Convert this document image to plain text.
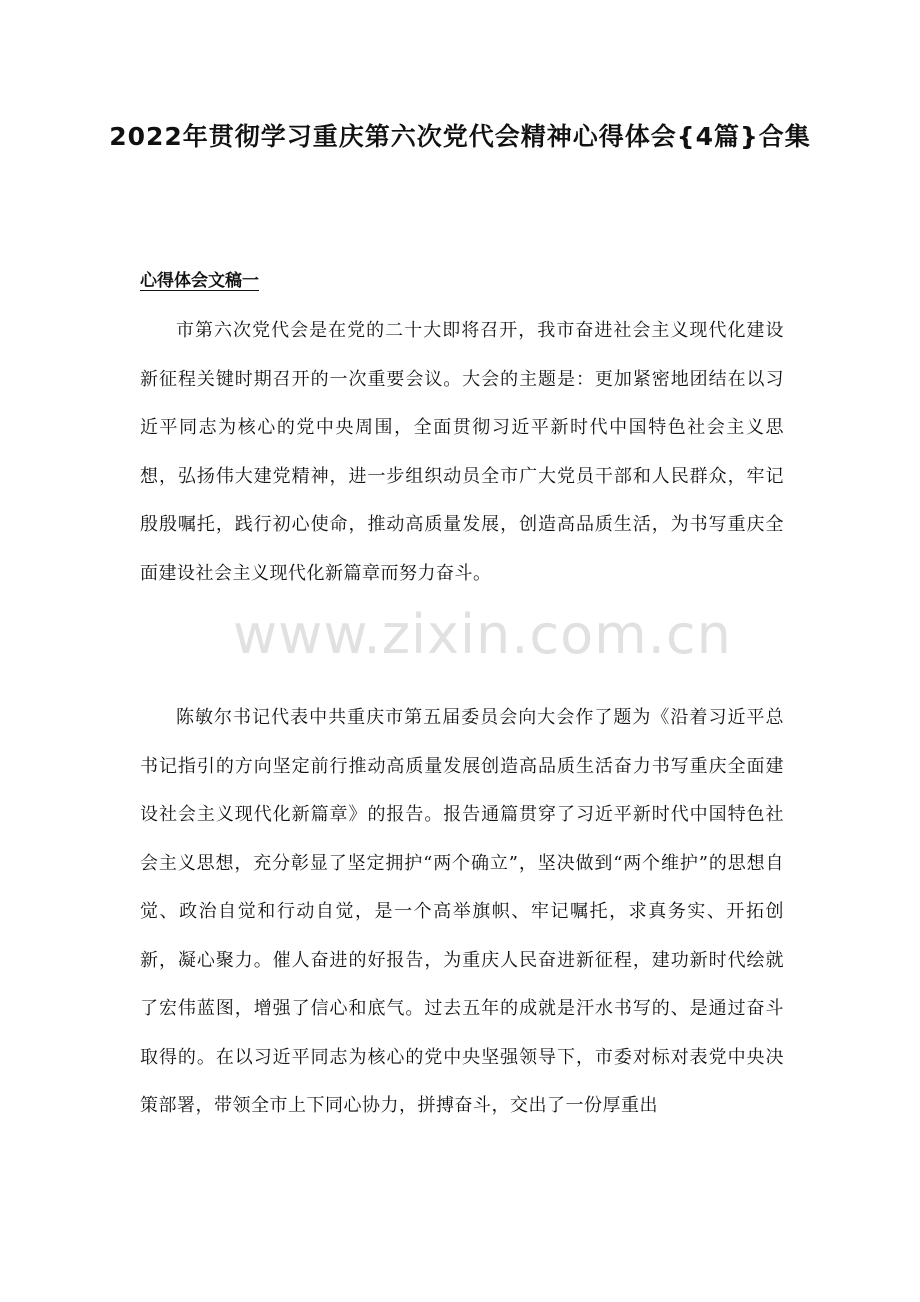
2022年贯彻学习重庆第六次党代会精神心得体会{4篇}合集
心得体会文稿一
市第六次党代会是在党的二十大即将召开，我市奋进社会主义现代化建设新征程关键时期召开的一次重要会议。大会的主题是：更加紧密地团结在以习近平同志为核心的党中央周围，全面贯彻习近平新时代中国特色社会主义思想，弘扬伟大建党精神，进一步组织动员全市广大党员干部和人民群众，牢记殷殷嘱托，践行初心使命，推动高质量发展，创造高品质生活，为书写重庆全面建设社会主义现代化新篇章而努力奋斗。
陈敏尔书记代表中共重庆市第五届委员会向大会作了题为《沿着习近平总书记指引的方向坚定前行推动高质量发展创造高品质生活奋力书写重庆全面建设社会主义现代化新篇章》的报告。报告通篇贯穿了习近平新时代中国特色社会主义思想，充分彰显了坚定拥护“两个确立”，坚决做到“两个维护”的思想自觉、政治自觉和行动自觉，是一个高举旗帜、牢记嘱托，求真务实、开拓创新，凝心聚力。催人奋进的好报告，为重庆人民奋进新征程，建功新时代绘就了宏伟蓝图，增强了信心和底气。过去五年的成就是汗水书写的、是通过奋斗取得的。在以习近平同志为核心的党中央坚强领导下，市委对标对表党中央决策部署，带领全市上下同心协力，拼搏奋斗，交出了一份厚重出
www.zixin.com.cn
